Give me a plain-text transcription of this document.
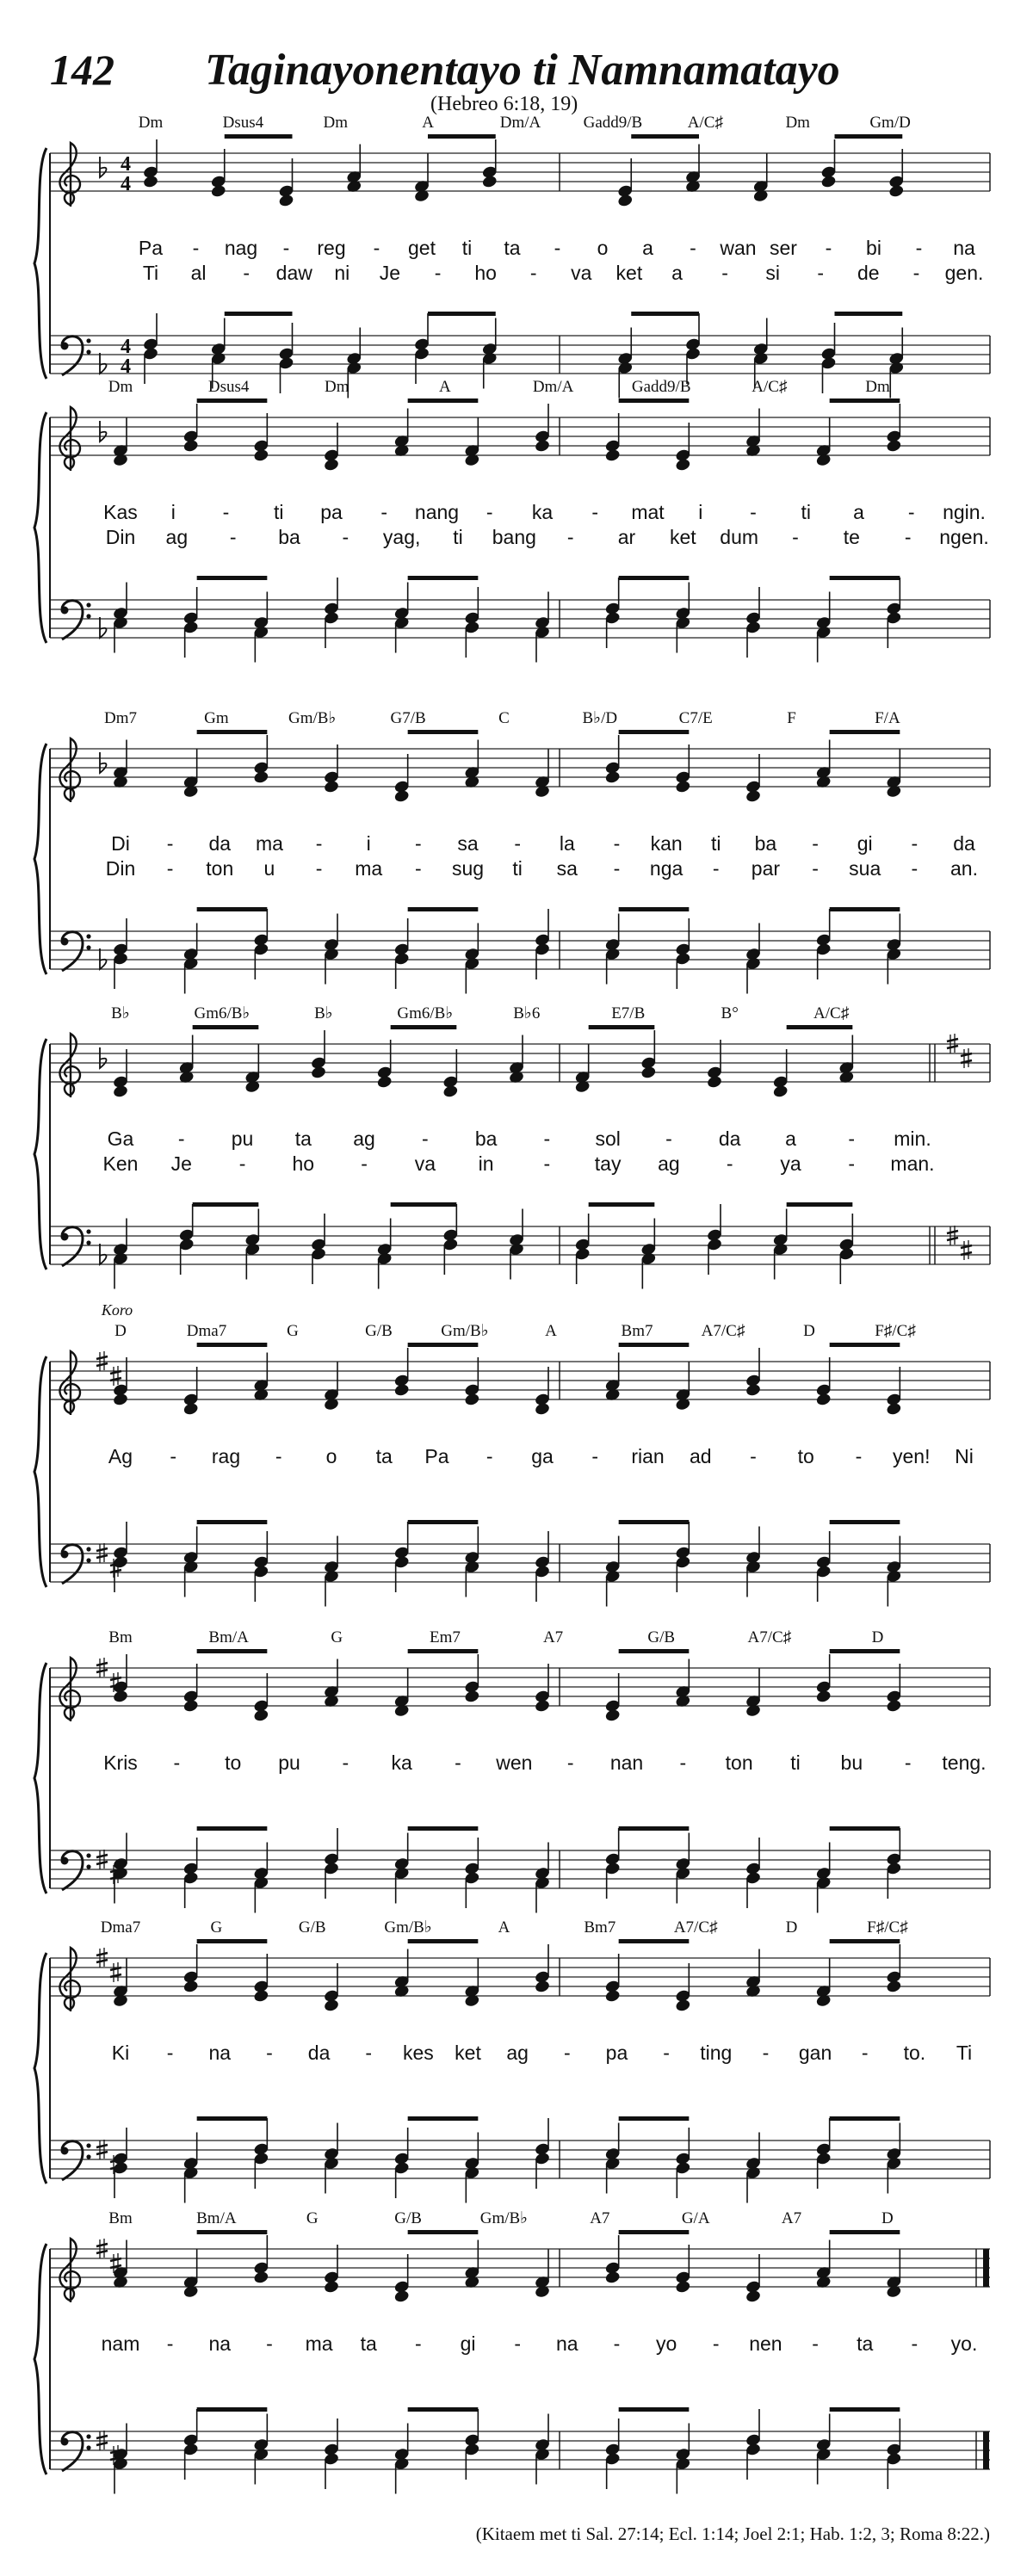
142 Taginayonentayo ti Namnamatayo
(Hebreo 6:18, 19)
4
4
4
4
Dm	Dsus4	Dm	A	Dm/A	Gadd9/B	A/C♯	Dm	Gm/D
Pa - nag - reg - get ti ta - o a - wan ser - bi - na
Ti al - daw ni Je - ho - va ket a - si - de - gen.
Dm	Dsus4	Dm	A	Dm/A	Gadd9/B	A/C♯	Dm
Kas i - ti pa - nang - ka - mat i - ti a - ngin.
Din ag - ba - yag, ti bang - ar ket dum - te - ngen.
Dm7	Gm	Gm/B♭	G7/B	C	B♭/D	C7/E	F	F/A
Di - da ma - i - sa - la - kan ti ba - gi - da
Din - ton u - ma - sug ti sa - nga - par - sua - an.
B♭	Gm6/B♭	B♭	Gm6/B♭	B♭6	E7/B	B°	A/C♯
Ga - pu ta ag - ba - sol - da a	- min.
Ken Je - ho - va in	- tay ag - ya - man.
Koro
D	Dma7	G	G/B	Gm/B♭	A	Bm7	A7/C♯	D	F♯/C♯
Ag - rag - o ta Pa - ga - rian ad - to - yen! Ni
Bm	Bm/A	G	Em7	A7	G/B	A7/C♯	D
Kris - to pu - ka - wen - nan - ton ti bu - teng.
Dma7	G	G/B	Gm/B♭	A	Bm7	A7/C♯	D	F♯/C♯
Ki - na - da - kes ket ag - pa - ting - gan - to. Ti
Bm	Bm/A	G	G/B	Gm/B♭	A7	G/A	A7	D
nam - na - ma ta - gi - na - yo - nen - ta - yo.
(Kitaem met ti Sal. 27:14; Ecl. 1:14; Joel 2:1; Hab. 1:2, 3; Roma 8:22.)
